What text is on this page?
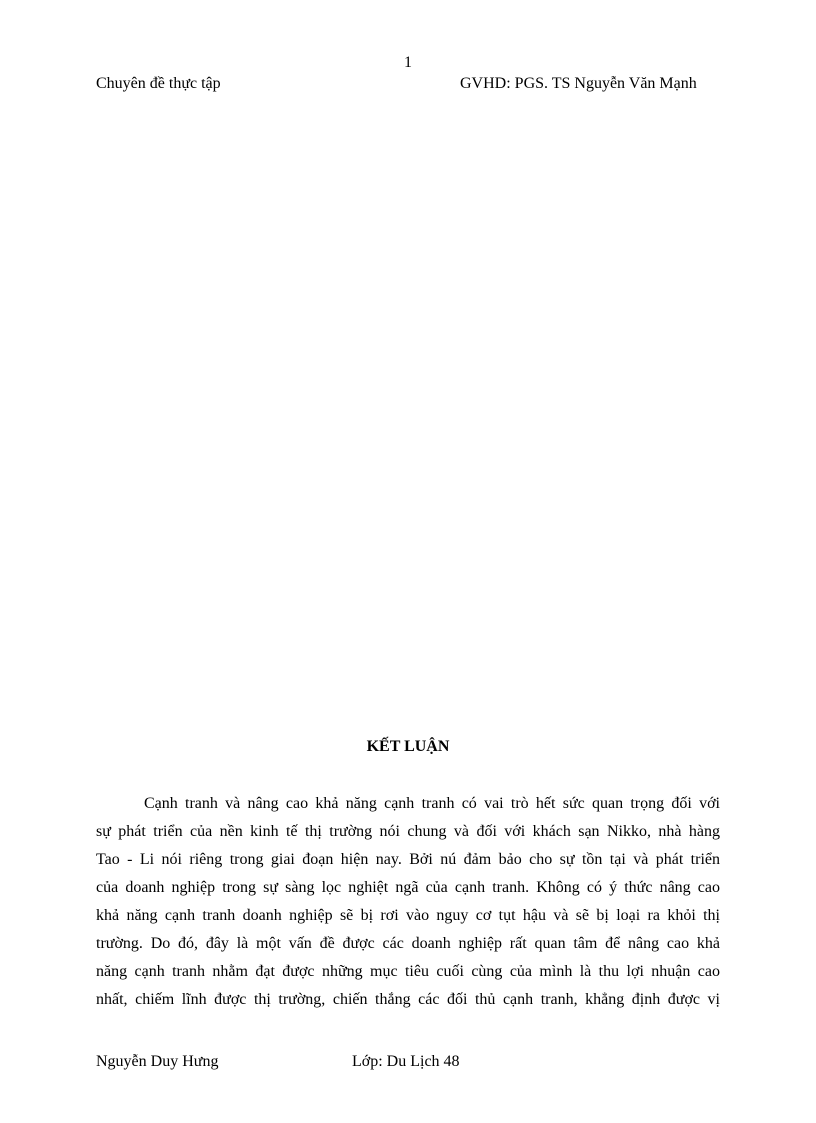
1
Chuyên đề thực tập	GVHD: PGS. TS Nguyễn Văn Mạnh
KẾT LUẬN
Cạnh tranh và nâng cao khả năng cạnh tranh có vai trò hết sức quan trọng đối với
sự phát triển của nền kinh tế thị trường nói chung và đối với khách sạn Nikko, nhà hàng
Tao - Li nói riêng trong giai đoạn hiện nay. Bởi nú đảm bảo cho sự tồn tại và phát triển
của doanh nghiệp trong sự sàng lọc nghiệt ngã của cạnh tranh. Không có ý thức nâng cao
khả năng cạnh tranh doanh nghiệp sẽ bị rơi vào nguy cơ tụt hậu và sẽ bị loại ra khỏi thị
trường. Do đó, đây là một vấn đề được các doanh nghiệp rất quan tâm để nâng cao khả
năng cạnh tranh nhằm đạt được những mục tiêu cuối cùng của mình là thu lợi nhuận cao
nhất, chiếm lĩnh được thị trường, chiến thắng các đối thủ cạnh tranh, khẳng định được vị
Nguyễn Duy Hưng	Lớp: Du Lịch 48
